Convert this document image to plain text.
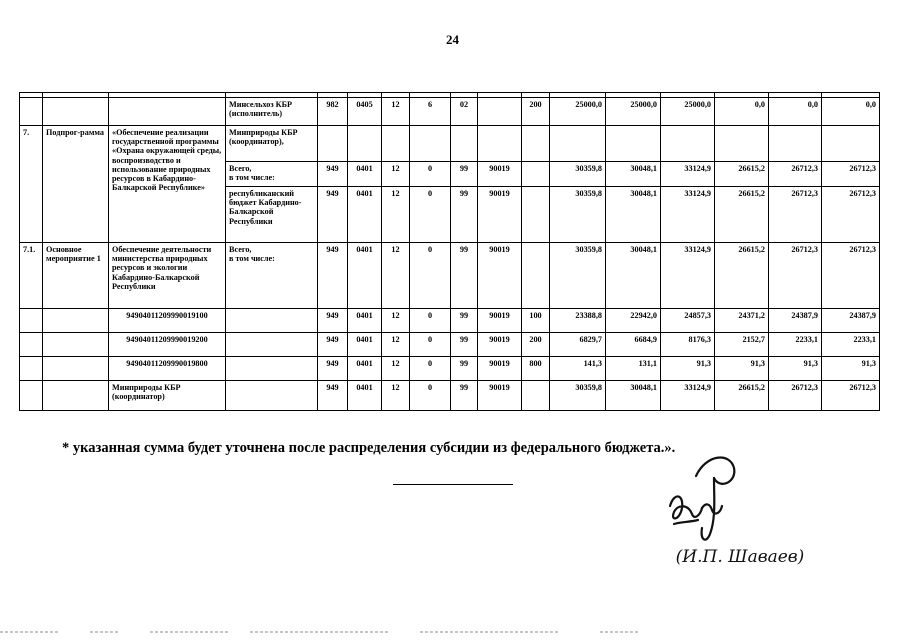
24

			Минсельхоз КБР (исполнитель)	982	0405	12	6	02		200	25000,0	25000,0	25000,0	0,0	0,0	0,0
7.	Подпрог-рамма	«Обеспечение реализации государственной программы «Охрана окружающей среды, воспроизводство и использование природных ресурсов в Кабардино-Балкарской Республике»	Минприроды КБР (координатор),													
			Всего,
в том числе:	949	0401	12	0	99	90019		30359,8	30048,1	33124,9	26615,2	26712,3	26712,3
			республиканский бюджет Кабардино-Балкарской Республики	949	0401	12	0	99	90019		30359,8	30048,1	33124,9	26615,2	26712,3	26712,3
7.1.	Основное мероприятие 1	Обеспечение деятельности министерства природных ресурсов и экологии Кабардино-Балкарской Республики	Всего,
в том числе:	949	0401	12	0	99	90019		30359,8	30048,1	33124,9	26615,2	26712,3	26712,3
		94904011209990019100		949	0401	12	0	99	90019	100	23388,8	22942,0	24857,3	24371,2	24387,9	24387,9
		94904011209990019200		949	0401	12	0	99	90019	200	6829,7	6684,9	8176,3	2152,7	2233,1	2233,1
		94904011209990019800		949	0401	12	0	99	90019	800	141,3	131,1	91,3	91,3	91,3	91,3
		Минприроды КБР (координатор)		949	0401	12	0	99	90019		30359,8	30048,1	33124,9	26615,2	26712,3	26712,3
* указанная сумма будет уточнена после распределения субсидии из федерального бюджета.».
(И.П. Шаваев)
